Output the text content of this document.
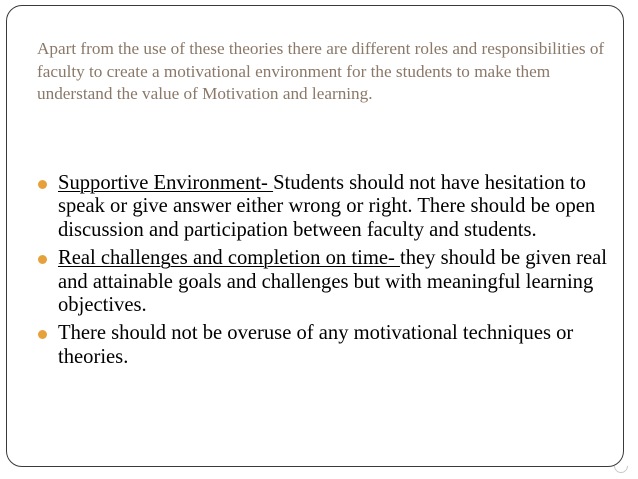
Apart from the use of these theories there are different roles and responsibilities of faculty to create a motivational environment for the students to make them understand the value of Motivation and learning.

Supportive Environment- Students should not have hesitation to speak or give answer either wrong or right. There should be open discussion and participation between faculty and students.
Real challenges and completion on time- they should be given real and attainable goals and challenges but with meaningful learning objectives.
There should not be overuse of any motivational techniques or theories.
